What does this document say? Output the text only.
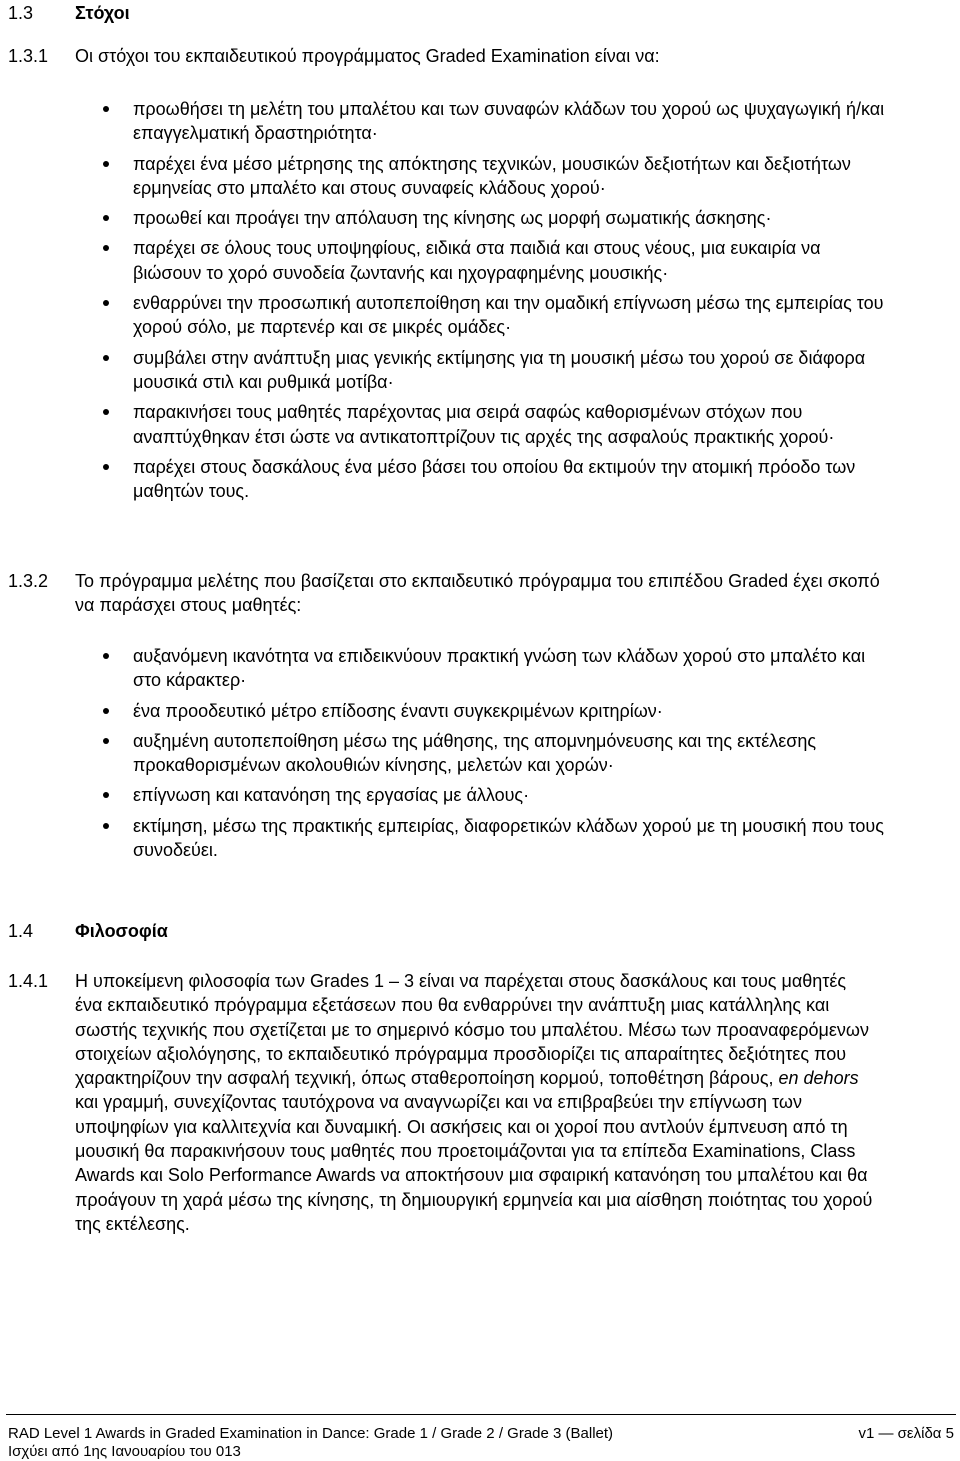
1.3	Στόχοι
1.3.1	Οι στόχοι του εκπαιδευτικού προγράμματος Graded Examination είναι να:
προωθήσει τη μελέτη του μπαλέτου και των συναφών κλάδων του χορού ως ψυχαγωγική ή/και επαγγελματική δραστηριότητα·
παρέχει ένα μέσο μέτρησης της απόκτησης τεχνικών, μουσικών δεξιοτήτων και δεξιοτήτων ερμηνείας στο μπαλέτο και στους συναφείς κλάδους χορού·
προωθεί και προάγει την απόλαυση της κίνησης ως μορφή σωματικής άσκησης·
παρέχει σε όλους τους υποψηφίους, ειδικά στα παιδιά και στους νέους, μια ευκαιρία να βιώσουν το χορό συνοδεία ζωντανής και ηχογραφημένης μουσικής·
ενθαρρύνει την προσωπική αυτοπεποίθηση και την ομαδική επίγνωση μέσω της εμπειρίας του χορού σόλο, με παρτενέρ και σε μικρές ομάδες·
συμβάλει στην ανάπτυξη μιας γενικής εκτίμησης για τη μουσική μέσω του χορού σε διάφορα μουσικά στιλ και ρυθμικά μοτίβα·
παρακινήσει τους μαθητές παρέχοντας μια σειρά σαφώς καθορισμένων στόχων που αναπτύχθηκαν έτσι ώστε να αντικατοπτρίζουν τις αρχές της ασφαλούς πρακτικής χορού·
παρέχει στους δασκάλους ένα μέσο βάσει του οποίου θα εκτιμούν την ατομική πρόοδο των μαθητών τους.
1.3.2	Το πρόγραμμα μελέτης που βασίζεται στο εκπαιδευτικό πρόγραμμα του επιπέδου Graded έχει σκοπό να παράσχει στους μαθητές:
αυξανόμενη ικανότητα να επιδεικνύουν πρακτική γνώση των κλάδων χορού στο μπαλέτο και στο κάρακτερ·
ένα προοδευτικό μέτρο επίδοσης έναντι συγκεκριμένων κριτηρίων·
αυξημένη αυτοπεποίθηση μέσω της μάθησης, της απομνημόνευσης και της εκτέλεσης προκαθορισμένων ακολουθιών κίνησης, μελετών και χορών·
επίγνωση και κατανόηση της εργασίας με άλλους·
εκτίμηση, μέσω της πρακτικής εμπειρίας, διαφορετικών κλάδων χορού με τη μουσική που τους συνοδεύει.
1.4	Φιλοσοφία
1.4.1	Η υποκείμενη φιλοσοφία των Grades 1 – 3 είναι να παρέχεται στους δασκάλους και τους μαθητές ένα εκπαιδευτικό πρόγραμμα εξετάσεων που θα ενθαρρύνει την ανάπτυξη μιας κατάλληλης και σωστής τεχνικής που σχετίζεται με το σημερινό κόσμο του μπαλέτου. Μέσω των προαναφερόμενων στοιχείων αξιολόγησης, το εκπαιδευτικό πρόγραμμα προσδιορίζει τις απαραίτητες δεξιότητες που χαρακτηρίζουν την ασφαλή τεχνική, όπως σταθεροποίηση κορμού, τοποθέτηση βάρους, en dehors και γραμμή, συνεχίζοντας ταυτόχρονα να αναγνωρίζει και να επιβραβεύει την επίγνωση των υποψηφίων για καλλιτεχνία και δυναμική. Οι ασκήσεις και οι χοροί που αντλούν έμπνευση από τη μουσική θα παρακινήσουν τους μαθητές που προετοιμάζονται για τα επίπεδα Examinations, Class Awards και Solo Performance Awards να αποκτήσουν μια σφαιρική κατανόηση του μπαλέτου και θα προάγουν τη χαρά μέσω της κίνησης, τη δημιουργική ερμηνεία και μια αίσθηση ποιότητας του χορού της εκτέλεσης.
RAD Level 1 Awards in Graded Examination in Dance: Grade 1 / Grade 2 / Grade 3 (Ballet)	v1 — σελίδα 5
Ισχύει από 1ης Ιανουαρίου του 013
